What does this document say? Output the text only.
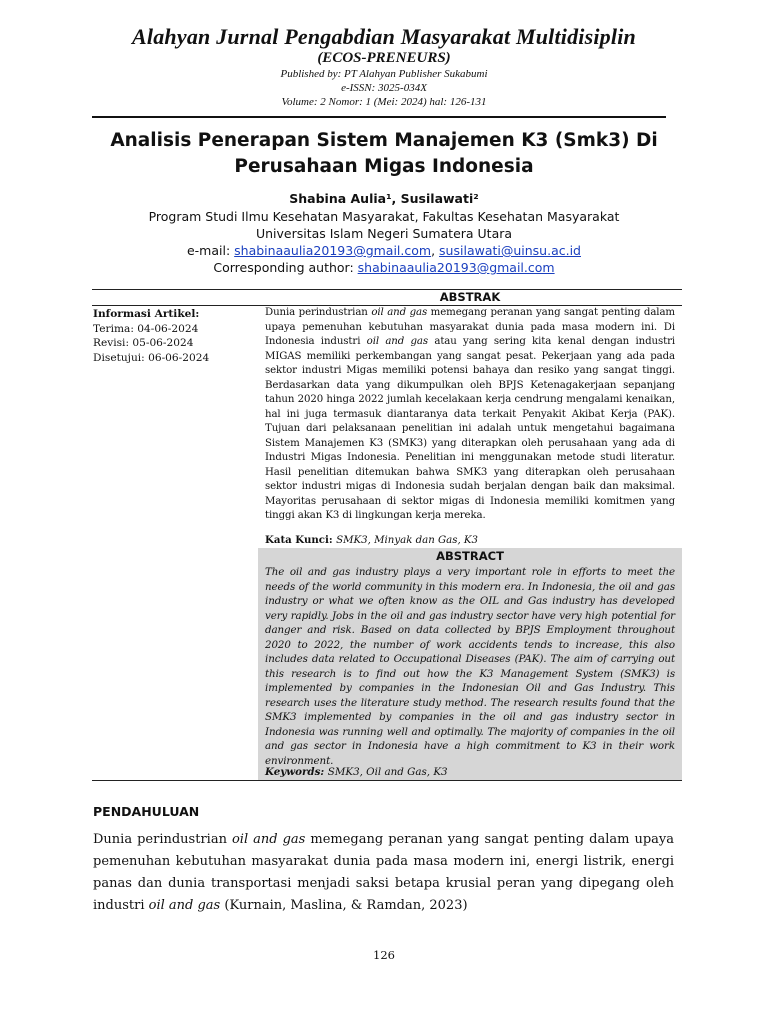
Alahyan Jurnal Pengabdian Masyarakat Multidisiplin
(ECOS-PRENEURS)
Published by: PT Alahyan Publisher Sukabumi
e-ISSN: 3025-034X
Volume: 2 Nomor: 1 (Mei: 2024) hal: 126-131
Analisis Penerapan Sistem Manajemen K3 (Smk3) Di
Perusahaan Migas Indonesia
Shabina Aulia¹, Susilawati²
Program Studi Ilmu Kesehatan Masyarakat, Fakultas Kesehatan Masyarakat
Universitas Islam Negeri Sumatera Utara
e-mail: shabinaaulia20193@gmail.com, susilawati@uinsu.ac.id
Corresponding author: shabinaaulia20193@gmail.com
ABSTRAK
Informasi Artikel:
Terima: 04-06-2024
Revisi: 05-06-2024
Disetujui: 06-06-2024
Dunia perindustrian oil and gas memegang peranan yang sangat penting dalam upaya pemenuhan kebutuhan masyarakat dunia pada masa modern ini. Di Indonesia industri oil and gas atau yang sering kita kenal dengan industri MIGAS memiliki perkembangan yang sangat pesat. Pekerjaan yang ada pada sektor industri Migas memiliki potensi bahaya dan resiko yang sangat tinggi. Berdasarkan data yang dikumpulkan oleh BPJS Ketenagakerjaan sepanjang tahun 2020 hinga 2022 jumlah kecelakaan kerja cendrung mengalami kenaikan, hal ini juga termasuk diantaranya data terkait Penyakit Akibat Kerja (PAK). Tujuan dari pelaksanaan penelitian ini adalah untuk mengetahui bagaimana Sistem Manajemen K3 (SMK3) yang diterapkan oleh perusahaan yang ada di Industri Migas Indonesia. Penelitian ini menggunakan metode studi literatur. Hasil penelitian ditemukan bahwa SMK3 yang diterapkan oleh perusahaan sektor industri migas di Indonesia sudah berjalan dengan baik dan maksimal. Mayoritas perusahaan di sektor migas di Indonesia memiliki komitmen yang tinggi akan K3 di lingkungan kerja mereka.
Kata Kunci: SMK3, Minyak dan Gas, K3
ABSTRACT
The oil and gas industry plays a very important role in efforts to meet the needs of the world community in this modern era. In Indonesia, the oil and gas industry or what we often know as the OIL and Gas industry has developed very rapidly. Jobs in the oil and gas industry sector have very high potential for danger and risk. Based on data collected by BPJS Employment throughout 2020 to 2022, the number of work accidents tends to increase, this also includes data related to Occupational Diseases (PAK). The aim of carrying out this research is to find out how the K3 Management System (SMK3) is implemented by companies in the Indonesian Oil and Gas Industry. This research uses the literature study method. The research results found that the SMK3 implemented by companies in the oil and gas industry sector in Indonesia was running well and optimally. The majority of companies in the oil and gas sector in Indonesia have a high commitment to K3 in their work environment.
Keywords: SMK3, Oil and Gas, K3
PENDAHULUAN
Dunia perindustrian oil and gas memegang peranan yang sangat penting dalam upaya pemenuhan kebutuhan masyarakat dunia pada masa modern ini, energi listrik, energi panas dan dunia transportasi menjadi saksi betapa krusial peran yang dipegang oleh industri oil and gas (Kurnain, Maslina, & Ramdan, 2023)
126
